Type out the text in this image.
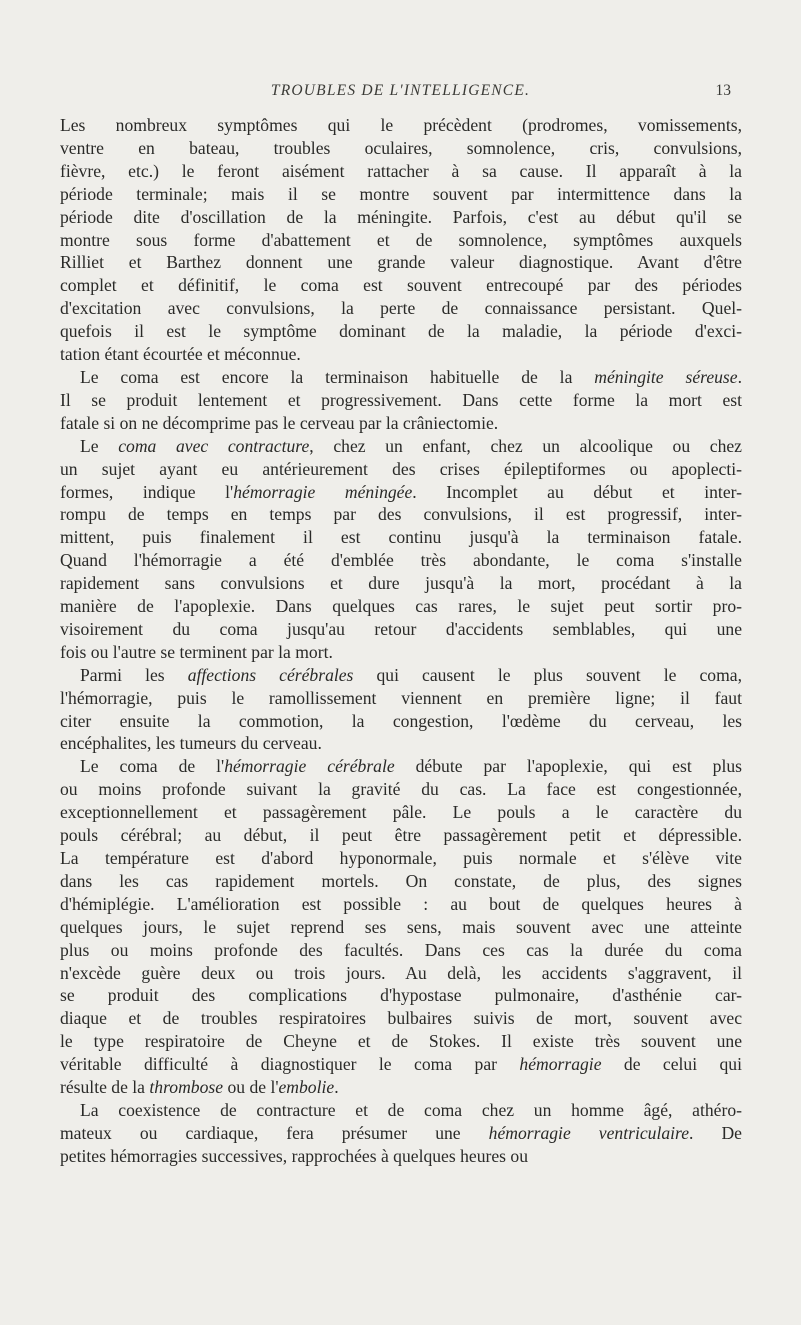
TROUBLES DE L'INTELLIGENCE.	13
Les nombreux symptômes qui le précèdent (prodromes, vomissements,
ventre en bateau, troubles oculaires, somnolence, cris, convulsions,
fièvre, etc.) le feront aisément rattacher à sa cause. Il apparaît à la
période terminale; mais il se montre souvent par intermittence dans la
période dite d'oscillation de la méningite. Parfois, c'est au début qu'il se
montre sous forme d'abattement et de somnolence, symptômes auxquels
Rilliet et Barthez donnent une grande valeur diagnostique. Avant d'être
complet et définitif, le coma est souvent entrecoupé par des périodes
d'excitation avec convulsions, la perte de connaissance persistant. Quel-
quefois il est le symptôme dominant de la maladie, la période d'exci-
tation étant écourtée et méconnue.
Le coma est encore la terminaison habituelle de la méningite séreuse.
Il se produit lentement et progressivement. Dans cette forme la mort est
fatale si on ne décomprime pas le cerveau par la crâniectomie.
Le coma avec contracture, chez un enfant, chez un alcoolique ou chez
un sujet ayant eu antérieurement des crises épileptiformes ou apoplecti-
formes, indique l'hémorragie méningée. Incomplet au début et inter-
rompu de temps en temps par des convulsions, il est progressif, inter-
mittent, puis finalement il est continu jusqu'à la terminaison fatale.
Quand l'hémorragie a été d'emblée très abondante, le coma s'installe
rapidement sans convulsions et dure jusqu'à la mort, procédant à la
manière de l'apoplexie. Dans quelques cas rares, le sujet peut sortir pro-
visoirement du coma jusqu'au retour d'accidents semblables, qui une
fois ou l'autre se terminent par la mort.
Parmi les affections cérébrales qui causent le plus souvent le coma,
l'hémorragie, puis le ramollissement viennent en première ligne; il faut
citer ensuite la commotion, la congestion, l'œdème du cerveau, les
encéphalites, les tumeurs du cerveau.
Le coma de l'hémorragie cérébrale débute par l'apoplexie, qui est plus
ou moins profonde suivant la gravité du cas. La face est congestionnée,
exceptionnellement et passagèrement pâle. Le pouls a le caractère du
pouls cérébral; au début, il peut être passagèrement petit et dépressible.
La température est d'abord hyponormale, puis normale et s'élève vite
dans les cas rapidement mortels. On constate, de plus, des signes
d'hémiplégie. L'amélioration est possible : au bout de quelques heures à
quelques jours, le sujet reprend ses sens, mais souvent avec une atteinte
plus ou moins profonde des facultés. Dans ces cas la durée du coma
n'excède guère deux ou trois jours. Au delà, les accidents s'aggravent, il
se produit des complications d'hypostase pulmonaire, d'asthénie car-
diaque et de troubles respiratoires bulbaires suivis de mort, souvent avec
le type respiratoire de Cheyne et de Stokes. Il existe très souvent une
véritable difficulté à diagnostiquer le coma par hémorragie de celui qui
résulte de la thrombose ou de l'embolie.
La coexistence de contracture et de coma chez un homme âgé, athéro-
mateux ou cardiaque, fera présumer une hémorragie ventriculaire. De
petites hémorragies successives, rapprochées à quelques heures ou
